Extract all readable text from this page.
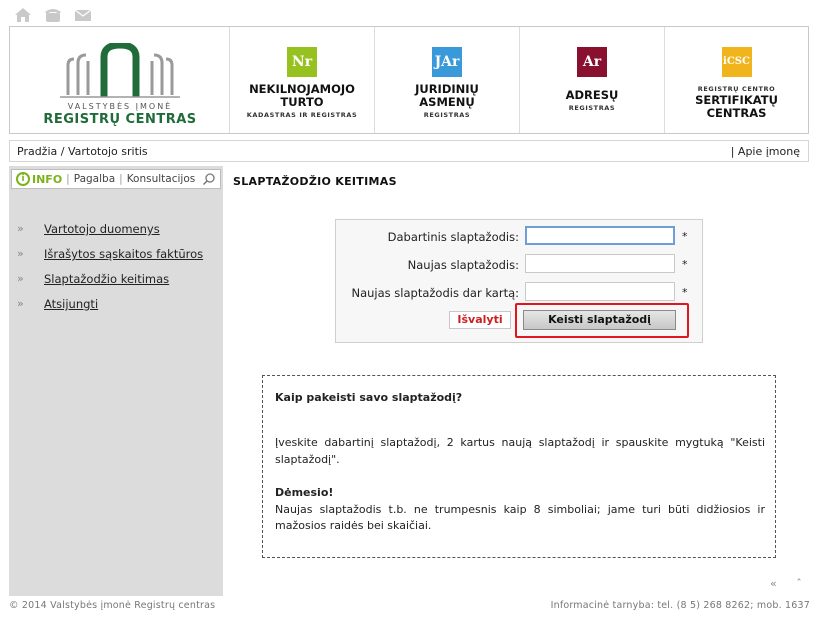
VALSTYBĖS ĮMONĖ
REGISTRŲ CENTRAS
Nr
NEKILNOJAMOJO
TURTO
KADASTRAS IR REGISTRAS
JAr
JURIDINIŲ
ASMENŲ
REGISTRAS
Ar
ADRESŲ
REGISTRAS
iCSC
REGISTRŲ CENTRO
SERTIFIKATŲ
CENTRAS
Pradžia / Vartotojo sritis	| Apie įmonę
i INFO | Pagalba | Konsultacijos
»	Vartotojo duomenys
»	Išrašytos sąskaitos faktūros
»	Slaptažodžio keitimas
»	Atsijungti
SLAPTAŽODŽIO KEITIMAS
Dabartinis slaptažodis:	*
Naujas slaptažodis:	*
Naujas slaptažodis dar kartą:	*
Išvalyti	Keisti slaptažodį
Kaip pakeisti savo slaptažodį?
Įveskite dabartinį slaptažodį, 2 kartus naują slaptažodį ir spauskite mygtuką "Keisti slaptažodį".
Dėmesio!
Naujas slaptažodis t.b. ne trumpesnis kaip 8 simboliai; jame turi būti didžiosios ir mažosios raidės bei skaičiai.
« ˆ
© 2014 Valstybės įmonė Registrų centras	Informacinė tarnyba: tel. (8 5) 268 8262; mob. 1637
